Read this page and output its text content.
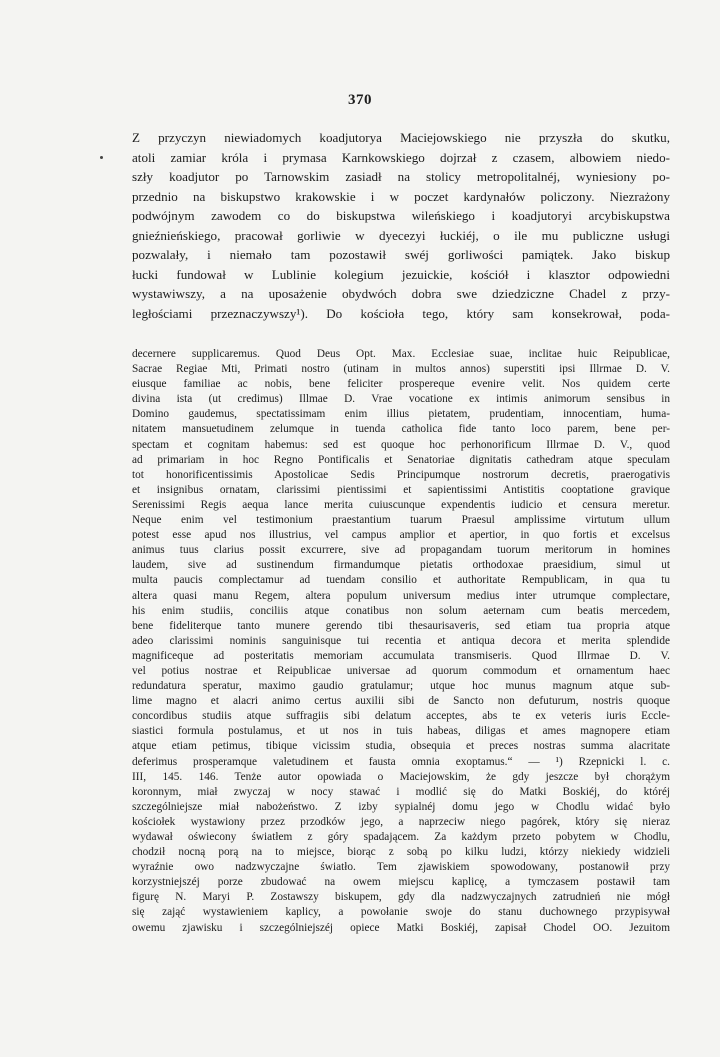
370
Z przyczyn niewiadomych koadjutorya Maciejowskiego nie przyszła do skutku,
atoli zamiar króla i prymasa Karnkowskiego dojrzał z czasem, albowiem niedo-
szły koadjutor po Tarnowskim zasiadł na stolicy metropolitalnéj, wyniesiony po-
przednio na biskupstwo krakowskie i w poczet kardynałów policzony. Niezrażony
podwójnym zawodem co do biskupstwa wileńskiego i koadjutoryi arcybiskupstwa
gnieźnieńskiego, pracował gorliwie w dyecezyi łuckiéj, o ile mu publiczne usługi
pozwalały, i niemało tam pozostawił swéj gorliwości pamiątek. Jako biskup
łucki fundował w Lublinie kolegium jezuickie, kościół i klasztor odpowiedni
wystawiwszy, a na uposażenie obydwóch dobra swe dziedziczne Chadel z przy-
ległościami przeznaczywszy¹). Do kościoła tego, który sam konsekrował, poda-
decernere supplicaremus. Quod Deus Opt. Max. Ecclesiae suae, inclitae huic Reipublicae,
Sacrae Regiae Mti, Primati nostro (utinam in multos annos) superstiti ipsi Illrmae D. V.
eiusque familiae ac nobis, bene feliciter prospereque evenire velit. Nos quidem certe
divina ista (ut credimus) Illmae D. Vrae vocatione ex intimis animorum sensibus in
Domino gaudemus, spectatissimam enim illius pietatem, prudentiam, innocentiam, huma-
nitatem mansuetudinem zelumque in tuenda catholica fide tanto loco parem, bene per-
spectam et cognitam habemus: sed est quoque hoc perhonorificum Illrmae D. V., quod
ad primariam in hoc Regno Pontificalis et Senatoriae dignitatis cathedram atque speculam
tot honorificentissimis Apostolicae Sedis Principumque nostrorum decretis, praerogativis
et insignibus ornatam, clarissimi pientissimi et sapientissimi Antistitis cooptatione gravique
Serenissimi Regis aequa lance merita cuiuscunque expendentis iudicio et censura meretur.
Neque enim vel testimonium praestantium tuarum Praesul amplissime virtutum ullum
potest esse apud nos illustrius, vel campus amplior et apertior, in quo fortis et excelsus
animus tuus clarius possit excurrere, sive ad propagandam tuorum meritorum in homines
laudem, sive ad sustinendum firmandumque pietatis orthodoxae praesidium, simul ut
multa paucis complectamur ad tuendam consilio et authoritate Rempublicam, in qua tu
altera quasi manu Regem, altera populum universum medius inter utrumque complectare,
his enim studiis, conciliis atque conatibus non solum aeternam cum beatis mercedem,
bene fideliterque tanto munere gerendo tibi thesaurisaveris, sed etiam tua propria atque
adeo clarissimi nominis sanguinisque tui recentia et antiqua decora et merita splendide
magnificeque ad posteritatis memoriam accumulata transmiseris. Quod Illrmae D. V.
vel potius nostrae et Reipublicae universae ad quorum commodum et ornamentum haec
redundatura speratur, maximo gaudio gratulamur; utque hoc munus magnum atque sub-
lime magno et alacri animo certus auxilii sibi de Sancto non defuturum, nostris quoque
concordibus studiis atque suffragiis sibi delatum acceptes, abs te ex veteris iuris Eccle-
siastici formula postulamus, et ut nos in tuis habeas, diligas et ames magnopere etiam
atque etiam petimus, tibique vicissim studia, obsequia et preces nostras summa alacritate
deferimus prosperamque valetudinem et fausta omnia exoptamus.“ — ¹) Rzepnicki l. c.
III, 145. 146. Tenże autor opowiada o Maciejowskim, że gdy jeszcze był chorążym
koronnym, miał zwyczaj w nocy stawać i modlić się do Matki Boskiéj, do któréj
szczególniejsze miał nabożeństwo. Z izby sypialnéj domu jego w Chodlu widać było
kościołek wystawiony przez przodków jego, a naprzeciw niego pagórek, który się nieraz
wydawał oświecony światłem z góry spadającem. Za każdym przeto pobytem w Chodlu,
chodził nocną porą na to miejsce, biorąc z sobą po kilku ludzi, którzy niekiedy widzieli
wyraźnie owo nadzwyczajne światło. Tem zjawiskiem spowodowany, postanowił przy
korzystniejszéj porze zbudować na owem miejscu kaplicę, a tymczasem postawił tam
figurę N. Maryi P. Zostawszy biskupem, gdy dla nadzwyczajnych zatrudnień nie mógł
się zająć wystawieniem kaplicy, a powołanie swoje do stanu duchownego przypisywał
owemu zjawisku i szczególniejszéj opiece Matki Boskiéj, zapisał Chodel OO. Jezuitom
